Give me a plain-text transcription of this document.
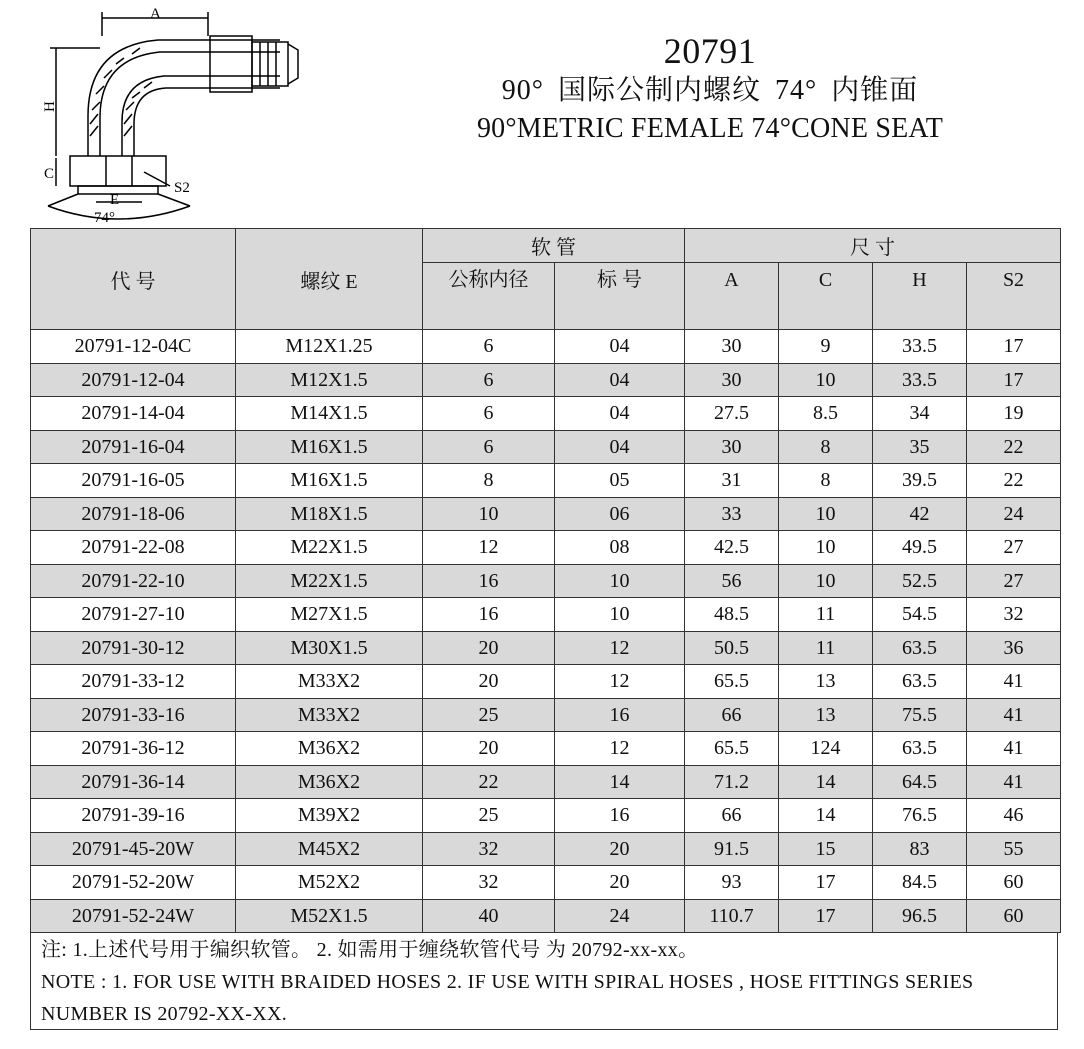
A
H
C
E
S2
74°
20791
90° 国际公制内螺纹 74° 内锥面
90°METRIC FEMALE 74°CONE SEAT
代 号	螺纹 E	软 管		尺 寸			
		公称内径	标 号	A	C	H	S2
20791-12-04C	M12X1.25	6	04	30	9	33.5	17
20791-12-04	M12X1.5	6	04	30	10	33.5	17
20791-14-04	M14X1.5	6	04	27.5	8.5	34	19
20791-16-04	M16X1.5	6	04	30	8	35	22
20791-16-05	M16X1.5	8	05	31	8	39.5	22
20791-18-06	M18X1.5	10	06	33	10	42	24
20791-22-08	M22X1.5	12	08	42.5	10	49.5	27
20791-22-10	M22X1.5	16	10	56	10	52.5	27
20791-27-10	M27X1.5	16	10	48.5	11	54.5	32
20791-30-12	M30X1.5	20	12	50.5	11	63.5	36
20791-33-12	M33X2	20	12	65.5	13	63.5	41
20791-33-16	M33X2	25	16	66	13	75.5	41
20791-36-12	M36X2	20	12	65.5	124	63.5	41
20791-36-14	M36X2	22	14	71.2	14	64.5	41
20791-39-16	M39X2	25	16	66	14	76.5	46
20791-45-20W	M45X2	32	20	91.5	15	83	55
20791-52-20W	M52X2	32	20	93	17	84.5	60
20791-52-24W	M52X1.5	40	24	110.7	17	96.5	60
注: 1.上述代号用于编织软管。 2. 如需用于缠绕软管代号 为 20792-xx-xx。
NOTE : 1. FOR USE WITH BRAIDED HOSES 2. IF USE WITH SPIRAL HOSES , HOSE FITTINGS SERIES
NUMBER IS 20792-XX-XX.
